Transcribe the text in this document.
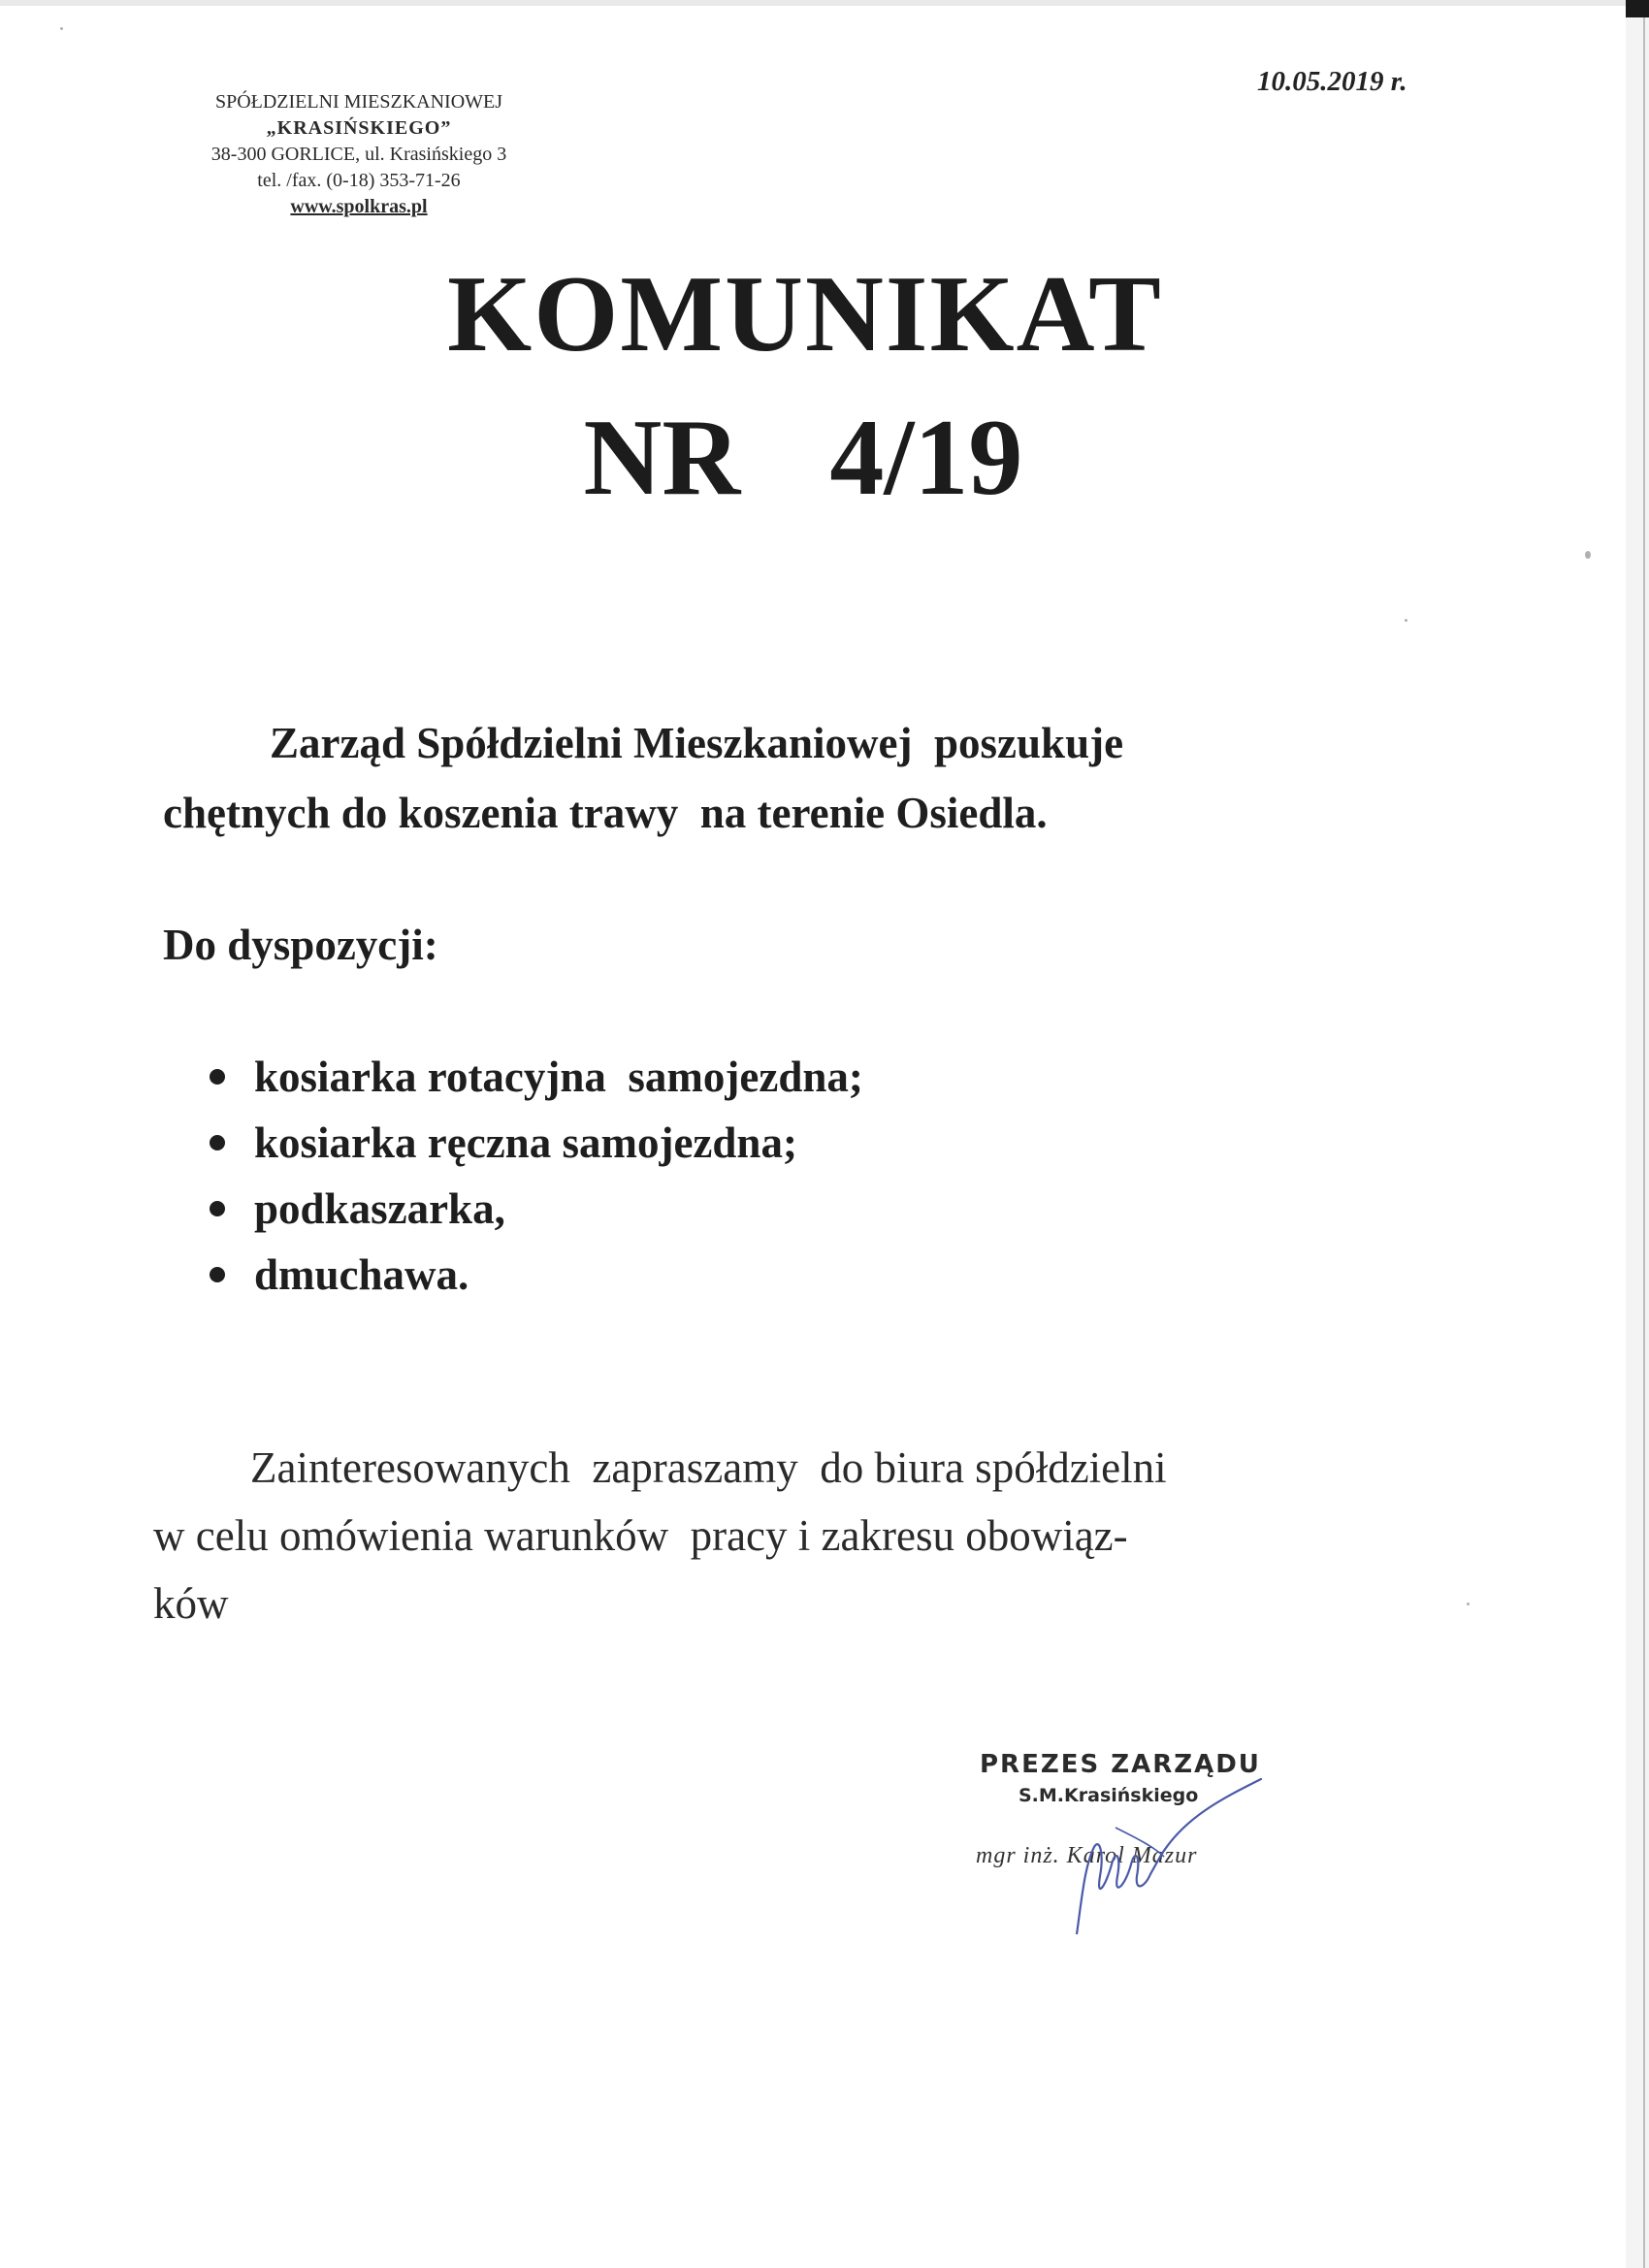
SPÓŁDZIELNI MIESZKANIOWEJ
„KRASIŃSKIEGO”
38-300 GORLICE, ul. Krasińskiego 3
tel. /fax. (0-18) 353-71-26
www.spolkras.pl
10.05.2019 r.
KOMUNIKAT
NR  4/19
Zarząd Spółdzielni Mieszkaniowej  poszukuje
chętnych do koszenia trawy  na terenie Osiedla.
Do dyspozycji:
kosiarka rotacyjna  samojezdna;
kosiarka ręczna samojezdna;
podkaszarka,
dmuchawa.
Zainteresowanych  zapraszamy  do biura spółdzielni
w celu omówienia warunków  pracy i zakresu obowiąz-
ków
PREZES ZARZĄDU
S.M.Krasińskiego
mgr inż. Karol Mazur
